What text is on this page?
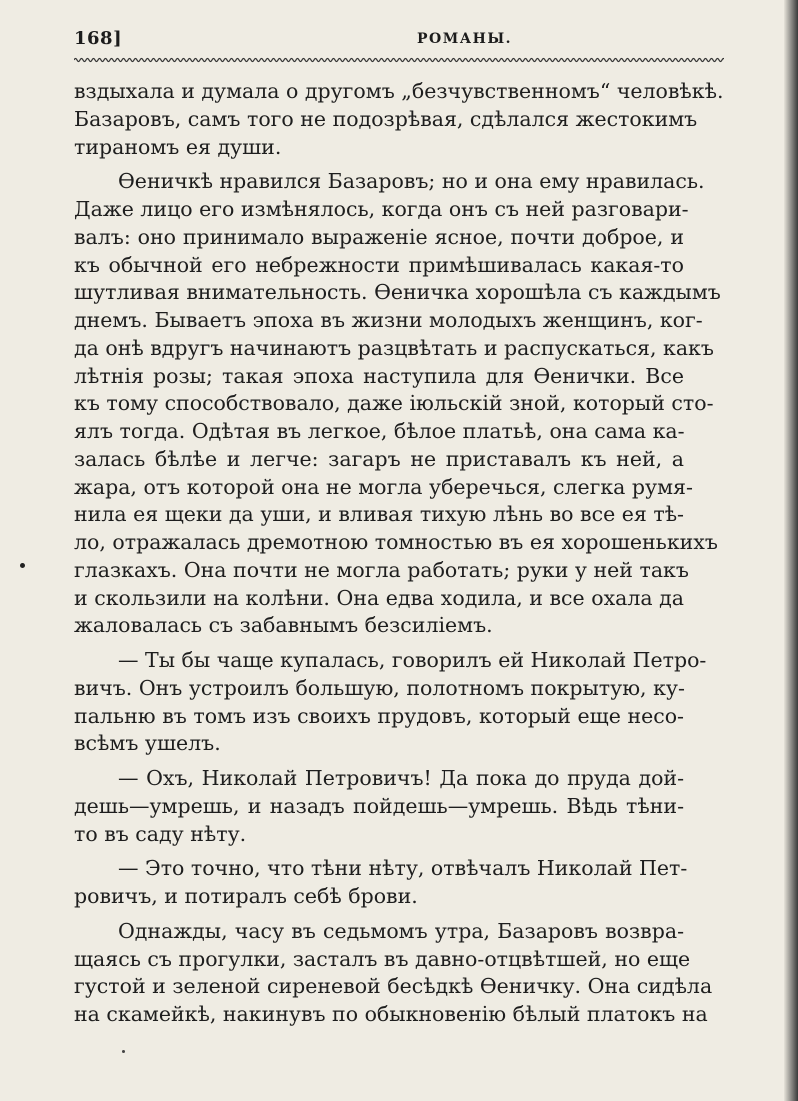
168]	РОМАНЫ.
вздыхала и думала о другомъ „безчувственномъ“ человѣкѣ.
Базаровъ, самъ того не подозрѣвая, сдѣлался жестокимъ
тираномъ ея души.
Ѳеничкѣ нравился Базаровъ; но и она ему нравилась.
Даже лицо его измѣнялось, когда онъ съ ней разговари-
валъ: оно принимало выраженіе ясное, почти доброе, и
къ обычной его небрежности примѣшивалась какая-то
шутливая внимательность. Ѳеничка хорошѣла съ каждымъ
днемъ. Бываетъ эпоха въ жизни молодыхъ женщинъ, ког-
да онѣ вдругъ начинаютъ разцвѣтать и распускаться, какъ
лѣтнія розы; такая эпоха наступила для Ѳенички. Все
къ тому способствовало, даже іюльскій зной, который сто-
ялъ тогда. Одѣтая въ легкое, бѣлое платьѣ, она сама ка-
залась бѣлѣе и легче: загаръ не приставалъ къ ней, а
жара, отъ которой она не могла уберечься, слегка румя-
нила ея щеки да уши, и вливая тихую лѣнь во все ея тѣ-
ло, отражалась дремотною томностью въ ея хорошенькихъ
глазкахъ. Она почти не могла работать; руки у ней такъ
и скользили на колѣни. Она едва ходила, и все охала да
жаловалась съ забавнымъ безсиліемъ.
— Ты бы чаще купалась, говорилъ ей Николай Петро-
вичъ. Онъ устроилъ большую, полотномъ покрытую, ку-
пальню въ томъ изъ своихъ прудовъ, который еще несо-
всѣмъ ушелъ.
— Охъ, Николай Петровичъ! Да пока до пруда дой-
дешь—умрешь, и назадъ пойдешь—умрешь. Вѣдь тѣни-
то въ саду нѣту.
— Это точно, что тѣни нѣту, отвѣчалъ Николай Пет-
ровичъ, и потиралъ себѣ брови.
Однажды, часу въ седьмомъ утра, Базаровъ возвра-
щаясь съ прогулки, засталъ въ давно-отцвѣтшей, но еще
густой и зеленой сиреневой бесѣдкѣ Ѳеничку. Она сидѣла
на скамейкѣ, накинувъ по обыкновенію бѣлый платокъ на
